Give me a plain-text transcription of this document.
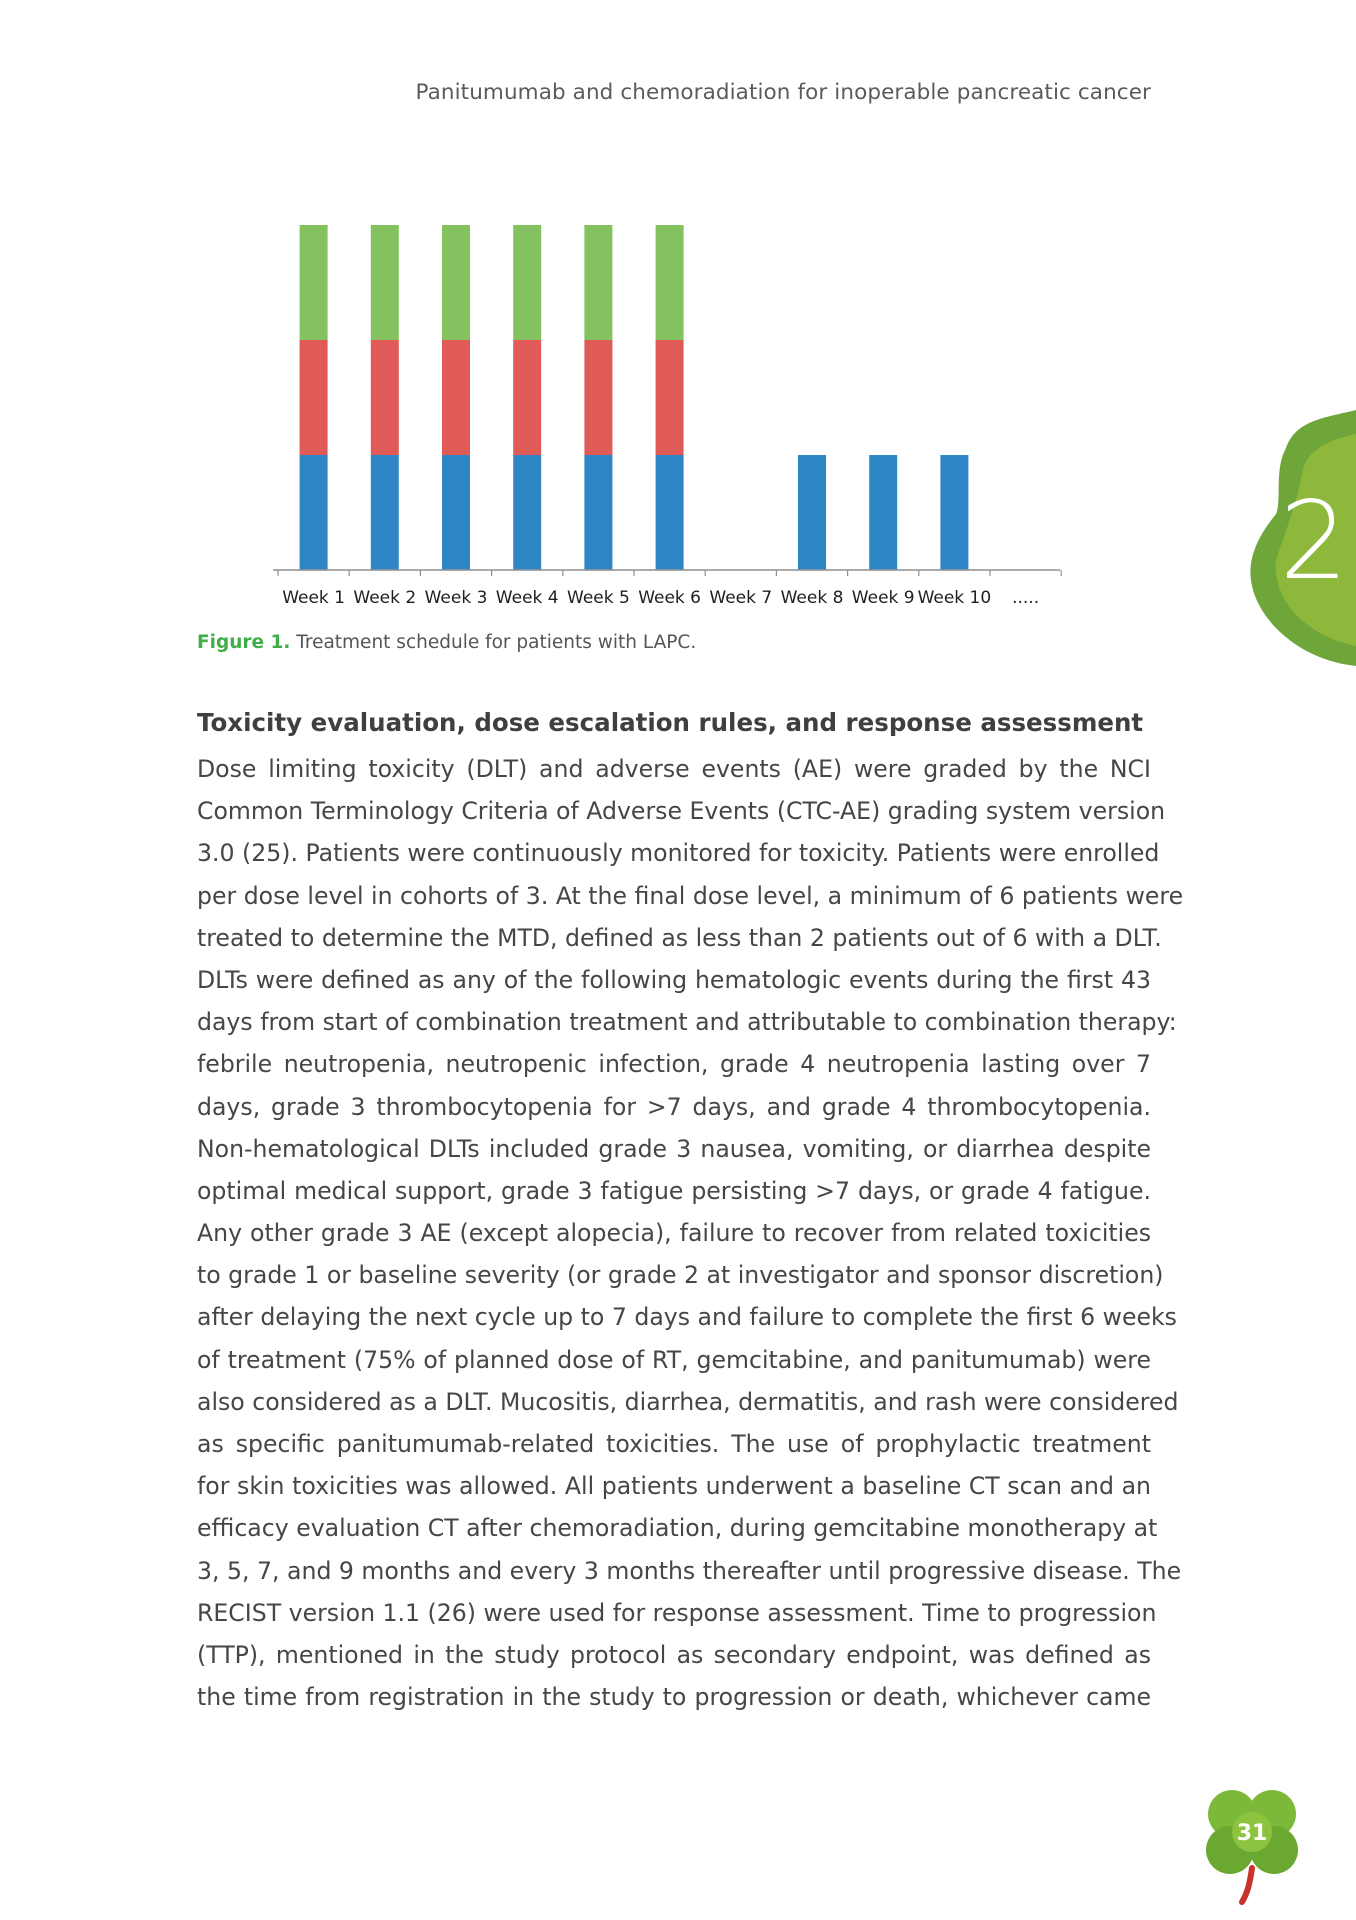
Panitumumab and chemoradiation for inoperable pancreatic cancer
Week 1 Week 2 Week 3 Week 4 Week 5 Week 6 Week 7 Week 8 Week 9 Week 10 .....
Figure 1. Treatment schedule for patients with LAPC.
Toxicity evaluation, dose escalation rules, and response assessment
Dose limiting toxicity (DLT) and adverse events (AE) were graded by the NCI
Common Terminology Criteria of Adverse Events (CTC-AE) grading system version
3.0 (25). Patients were continuously monitored for toxicity. Patients were enrolled
per dose level in cohorts of 3. At the final dose level, a minimum of 6 patients were
treated to determine the MTD, defined as less than 2 patients out of 6 with a DLT.
DLTs were defined as any of the following hematologic events during the first 43
days from start of combination treatment and attributable to combination therapy:
febrile neutropenia, neutropenic infection, grade 4 neutropenia lasting over 7
days, grade 3 thrombocytopenia for >7 days, and grade 4 thrombocytopenia.
Non-hematological DLTs included grade 3 nausea, vomiting, or diarrhea despite
optimal medical support, grade 3 fatigue persisting >7 days, or grade 4 fatigue.
Any other grade 3 AE (except alopecia), failure to recover from related toxicities
to grade 1 or baseline severity (or grade 2 at investigator and sponsor discretion)
after delaying the next cycle up to 7 days and failure to complete the first 6 weeks
of treatment (75% of planned dose of RT, gemcitabine, and panitumumab) were
also considered as a DLT. Mucositis, diarrhea, dermatitis, and rash were considered
as specific panitumumab-related toxicities. The use of prophylactic treatment
for skin toxicities was allowed. All patients underwent a baseline CT scan and an
efficacy evaluation CT after chemoradiation, during gemcitabine monotherapy at
3, 5, 7, and 9 months and every 3 months thereafter until progressive disease. The
RECIST version 1.1 (26) were used for response assessment. Time to progression
(TTP), mentioned in the study protocol as secondary endpoint, was defined as
the time from registration in the study to progression or death, whichever came
2
31
